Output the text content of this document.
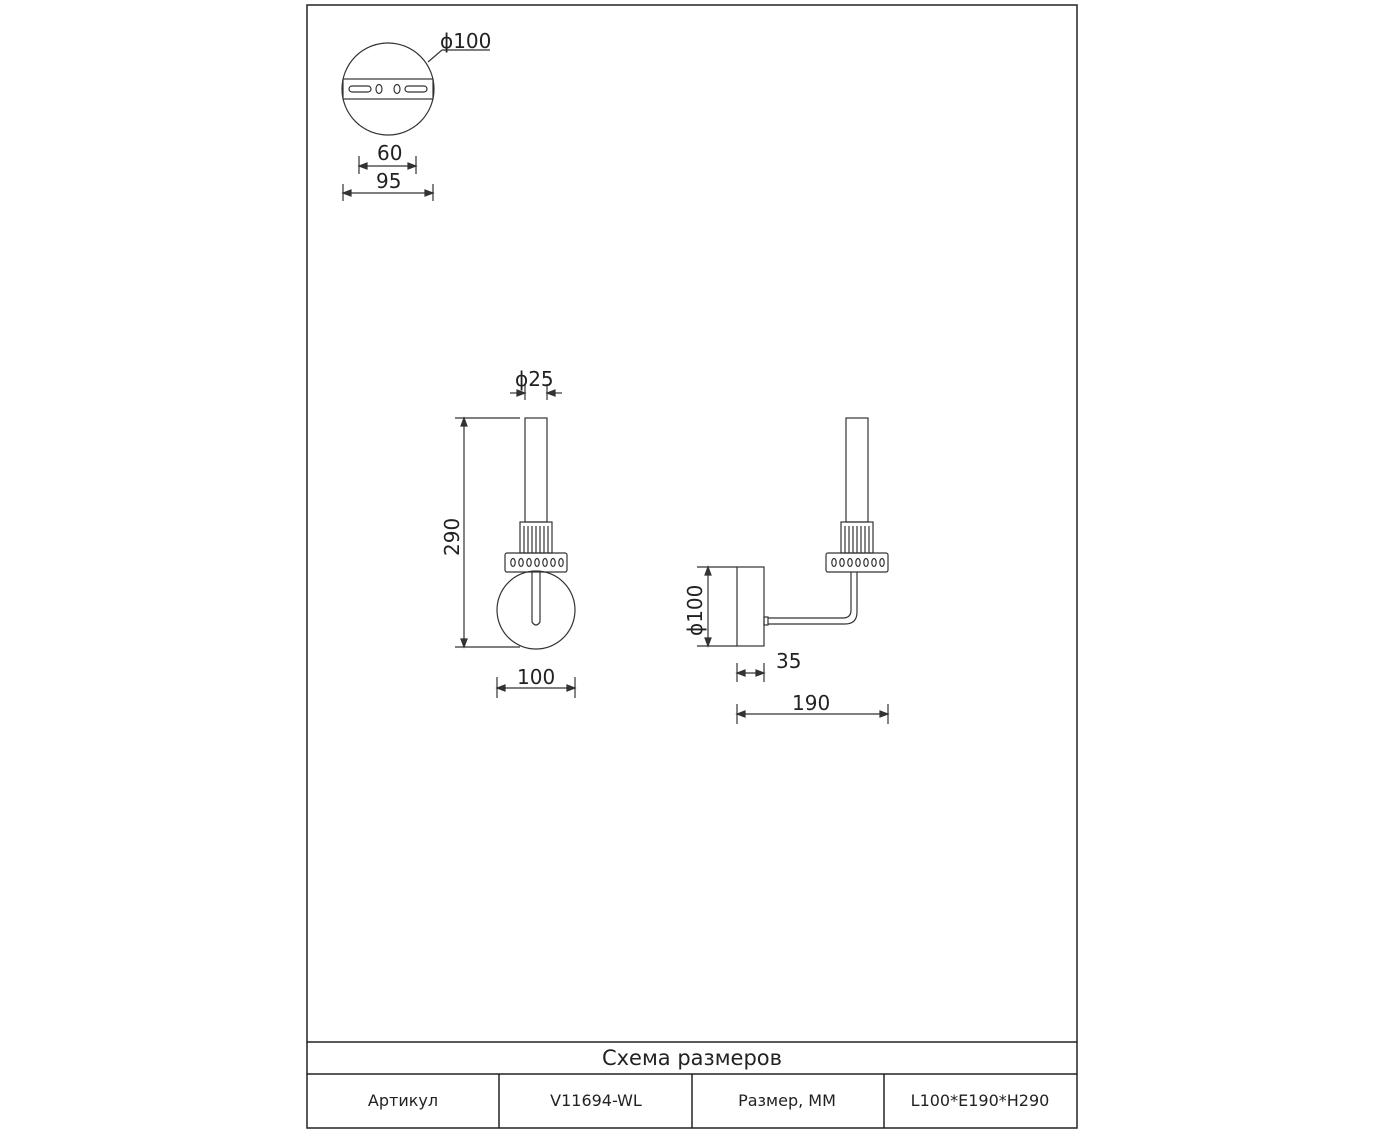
ϕ100
60
95
ϕ25
290
100
ϕ100
35
190
Схема размеров
Артикул	V11694-WL	Размер, ММ	L100*E190*H290
